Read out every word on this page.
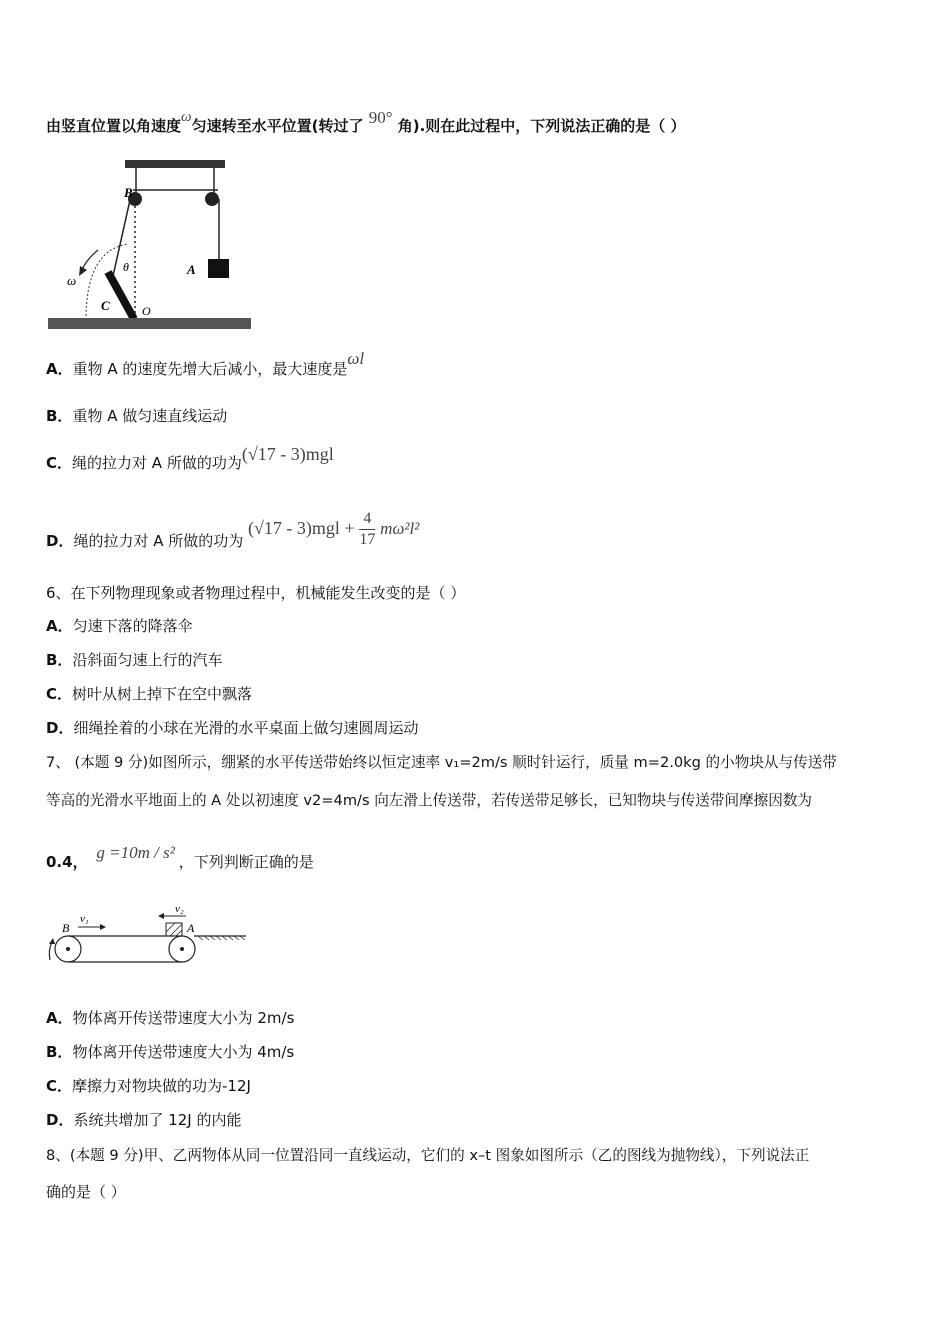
由竖直位置以角速度ω匀速转至水平位置(转过了 90° 角).则在此过程中，下列说法正确的是（ ）
B
θ	A
ω
C	O
A．重物 A 的速度先增大后减小，最大速度是ωl
B．重物 A 做匀速直线运动
C．绳的拉力对 A 所做的功为(√17 - 3)mgl
D．绳的拉力对 A 所做的功为 $(√17 - 3)mgl + \frac{4}{17} m\omega^2l^2$
6、在下列物理现象或者物理过程中，机械能发生改变的是（ ）
A．匀速下落的降落伞
B．沿斜面匀速上行的汽车
C．树叶从树上掉下在空中飘落
D．细绳拴着的小球在光滑的水平桌面上做匀速圆周运动
7、 (本题 9 分)如图所示，绷紧的水平传送带始终以恒定速率 v₁=2m/s 顺时针运行，质量 m=2.0kg 的小物块从与传送带
等高的光滑水平地面上的 A 处以初速度 v2=4m/s 向左滑上传送带，若传送带足够长，已知物块与传送带间摩擦因数为
0.4， g =10m / s² ，下列判断正确的是
B
v₁
v₂
A
A．物体离开传送带速度大小为 2m/s
B．物体离开传送带速度大小为 4m/s
C．摩擦力对物块做的功为-12J
D．系统共增加了 12J 的内能
8、(本题 9 分)甲、乙两物体从同一位置沿同一直线运动，它们的 x–t 图象如图所示（乙的图线为抛物线），下列说法正
确的是（ ）
